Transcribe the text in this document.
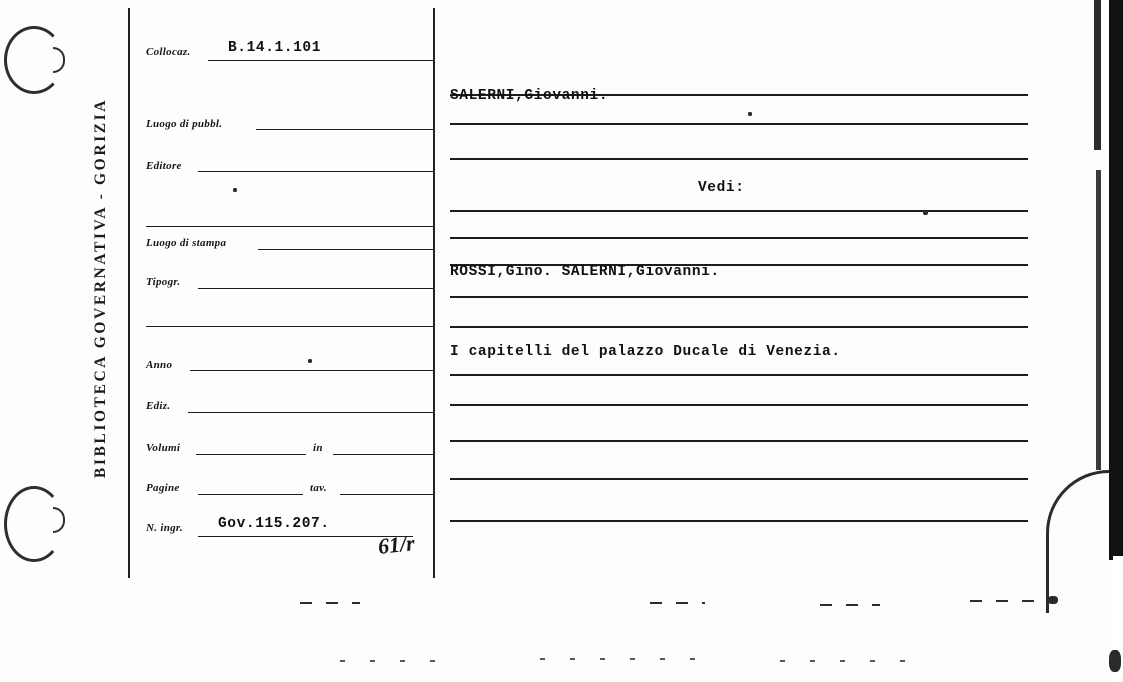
BIBLIOTECA GOVERNATIVA - GORIZIA
Collocaz.
Luogo di pubbl.
Editore
Luogo di stampa
Tipogr.
Anno
Ediz.
Volumi	in
Pagine	tav.
N. ingr.
B.14.1.101
Gov.115.207.
61/r
SALERNI,Giovanni.
Vedi:
ROSSI,Gino. SALERNI,Giovanni.
I capitelli del palazzo Ducale di Venezia.
